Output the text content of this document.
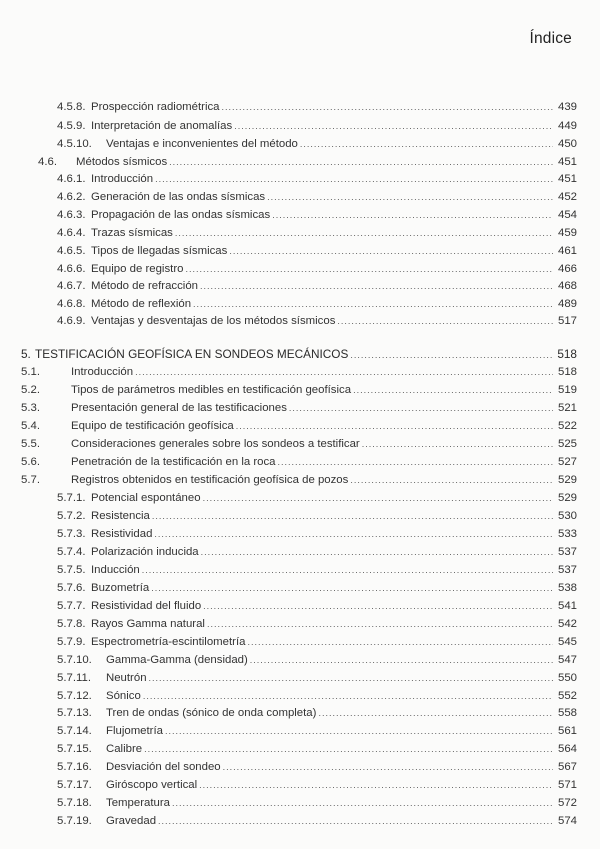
Índice
4.5.8. Prospección radiométrica .....	439
4.5.9. Interpretación de anomalías .....	449
4.5.10.	Ventajas e inconvenientes del método .....	450
4.6.	Métodos sísmicos .....	451
4.6.1. Introducción .....	451
4.6.2. Generación de las ondas sísmicas .....	452
4.6.3. Propagación de las ondas sísmicas .....	454
4.6.4. Trazas sísmicas .....	459
4.6.5. Tipos de llegadas sísmicas .....	461
4.6.6. Equipo de registro .....	466
4.6.7. Método de refracción .....	468
4.6.8. Método de reflexión .....	489
4.6.9. Ventajas y desventajas de los métodos sísmicos .....	517
5. TESTIFICACIÓN GEOFÍSICA EN SONDEOS MECÁNICOS .....	518
5.1.	Introducción .....	518
5.2.	Tipos de parámetros medibles en testificación geofísica .....	519
5.3.	Presentación general de las testificaciones .....	521
5.4.	Equipo de testificación geofísica .....	522
5.5.	Consideraciones generales sobre los sondeos a testificar .....	525
5.6.	Penetración de la testificación en la roca .....	527
5.7.	Registros obtenidos en testificación geofísica de pozos .....	529
5.7.1. Potencial espontáneo .....	529
5.7.2. Resistencia .....	530
5.7.3. Resistividad .....	533
5.7.4. Polarización inducida .....	537
5.7.5. Inducción .....	537
5.7.6. Buzometría .....	538
5.7.7. Resistividad del fluido .....	541
5.7.8. Rayos Gamma natural .....	542
5.7.9. Espectrometría-escintilometría .....	545
5.7.10.	Gamma-Gamma (densidad) .....	547
5.7.11.	Neutrón .....	550
5.7.12.	Sónico .....	552
5.7.13.	Tren de ondas (sónico de onda completa) .....	558
5.7.14.	Flujometría .....	561
5.7.15.	Calibre .....	564
5.7.16.	Desviación del sondeo .....	567
5.7.17.	Giróscopo vertical .....	571
5.7.18.	Temperatura .....	572
5.7.19.	Gravedad .....	574
